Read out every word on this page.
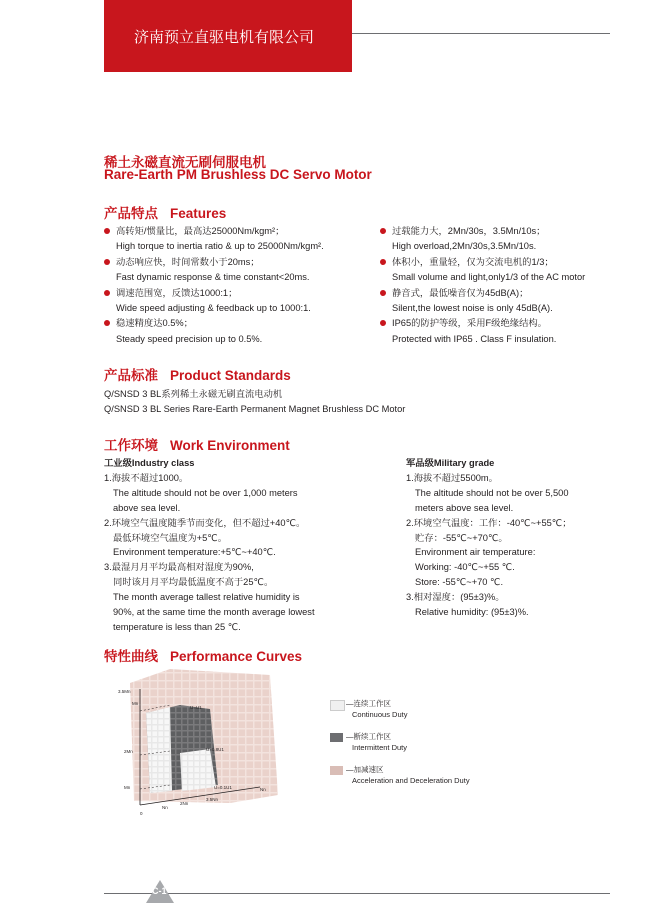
济南预立直驱电机有限公司
稀土永磁直流无刷伺服电机
Rare-Earth PM Brushless DC Servo Motor
产品特点 Features
高转矩/惯量比，最高达25000Nm/kgm²；
High torque to inertia ratio & up to 25000Nm/kgm².
动态响应快，时间常数小于20ms；
Fast dynamic response & time constant<20ms.
调速范围宽，反馈达1000:1；
Wide speed adjusting & feedback up to 1000:1.
稳速精度达0.5%；
Steady speed precision up to 0.5%.
过载能力大，2Mn/30s，3.5Mn/10s；
High overload,2Mn/30s,3.5Mn/10s.
体积小，重量轻，仅为交流电机的1/3；
Small volume and light,only1/3 of the AC motor
静音式，最低噪音仅为45dB(A)；
Silent,the lowest noise is only 45dB(A).
IP65的防护等级，采用F级绝缘结构。
Protected with IP65 . Class F insulation.
产品标准 Product Standards
Q/SNSD 3 BL系列稀土永磁无刷直流电动机
Q/SNSD 3 BL Series Rare-Earth Permanent Magnet Brushless DC Motor
工作环境 Work Environment
工业级Industry class
1.海拔不超过1000。
The altitude should not be over 1,000 meters
above sea level.
2.环境空气温度随季节而变化，但不超过+40℃。
最低环境空气温度为+5℃。
Environment temperature:+5℃~+40℃.
3.最湿月月平均最高相对湿度为90%,
同时该月月平均最低温度不高于25℃。
The month average tallest relative humidity is
90%, at the same time the month average lowest
temperature is less than 25 ℃.
军品级Military grade
1.海拔不超过5500m。
The altitude should not be over 5,500
meters above sea level.
2.环境空气温度：工作：-40℃~+55℃；
贮存：-55℃~+70℃。
Environment air temperature:
Working: -40℃~+55 ℃.
Store: -55℃~+70 ℃.
3.相对湿度：(95±3)%。
Relative humidity: (95±3)%.
特性曲线 Performance Curves
3.5Mn
2Mn
Mn
0
Nn
2Nn
3.5Nn
Nn
U=U1
U=0.8U1
U=0.1U1
Mn	—连续工作区
Continuous Duty
—断续工作区
Intermittent Duty
—加减速区
Acceleration and Deceleration Duty
C-1
